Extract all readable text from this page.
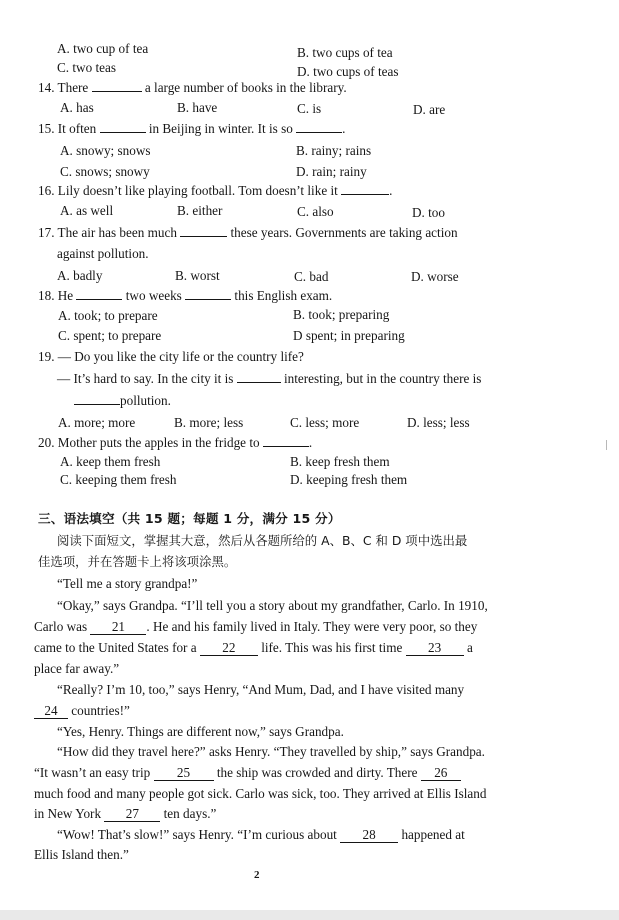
A. two cup of tea	B. two cups of tea
C. two teas	D. two cups of teas
14. There	a large number of books in the library.
A. has	B. have	C. is	D. are
15. It often	in Beijing in winter. It is so	.
A. snowy; snows	B. rainy; rains
C. snows; snowy	D. rain; rainy
16. Lily doesn’t like playing football. Tom doesn’t like it	.
A. as well	B. either	C. also	D. too
17. The air has been much	these years. Governments are taking action
against pollution.
A. badly	B. worst	C. bad	D. worse
18. He	two weeks	this English exam.
A. took; to prepare	B. took; preparing
C. spent; to prepare	D spent; in preparing
19. — Do you like the city life or the country life?
— It’s hard to say. In the city it is	interesting, but in the country there is
pollution.
A. more; more	B. more; less	C. less; more	D. less; less
20. Mother puts the apples in the fridge to	.
A. keep them fresh	B. keep fresh them
C. keeping them fresh	D. keeping fresh them
三、语法填空（共 15 题；每题 1 分，满分 15 分）
阅读下面短文，掌握其大意，然后从各题所给的 A、B、C 和 D 项中选出最
佳选项，并在答题卡上将该项涂黑。
“Tell me a story grandpa!”
“Okay,” says Grandpa. “I’ll tell you a story about my grandfather, Carlo. In 1910,
Carlo was 21 . He and his family lived in Italy. They were very poor, so they
came to the United States for a 22 life. This was his first time 23 a
place far away.”
“Really? I’m 10, too,” says Henry, “And Mum, Dad, and I have visited many
24 countries!”
“Yes, Henry. Things are different now,” says Grandpa.
“How did they travel here?” asks Henry. “They travelled by ship,” says Grandpa.
“It wasn’t an easy trip 25 the ship was crowded and dirty. There 26
much food and many people got sick. Carlo was sick, too. They arrived at Ellis Island
in New York 27 ten days.”
“Wow! That’s slow!” says Henry. “I’m curious about 28 happened at
Ellis Island then.”
2
